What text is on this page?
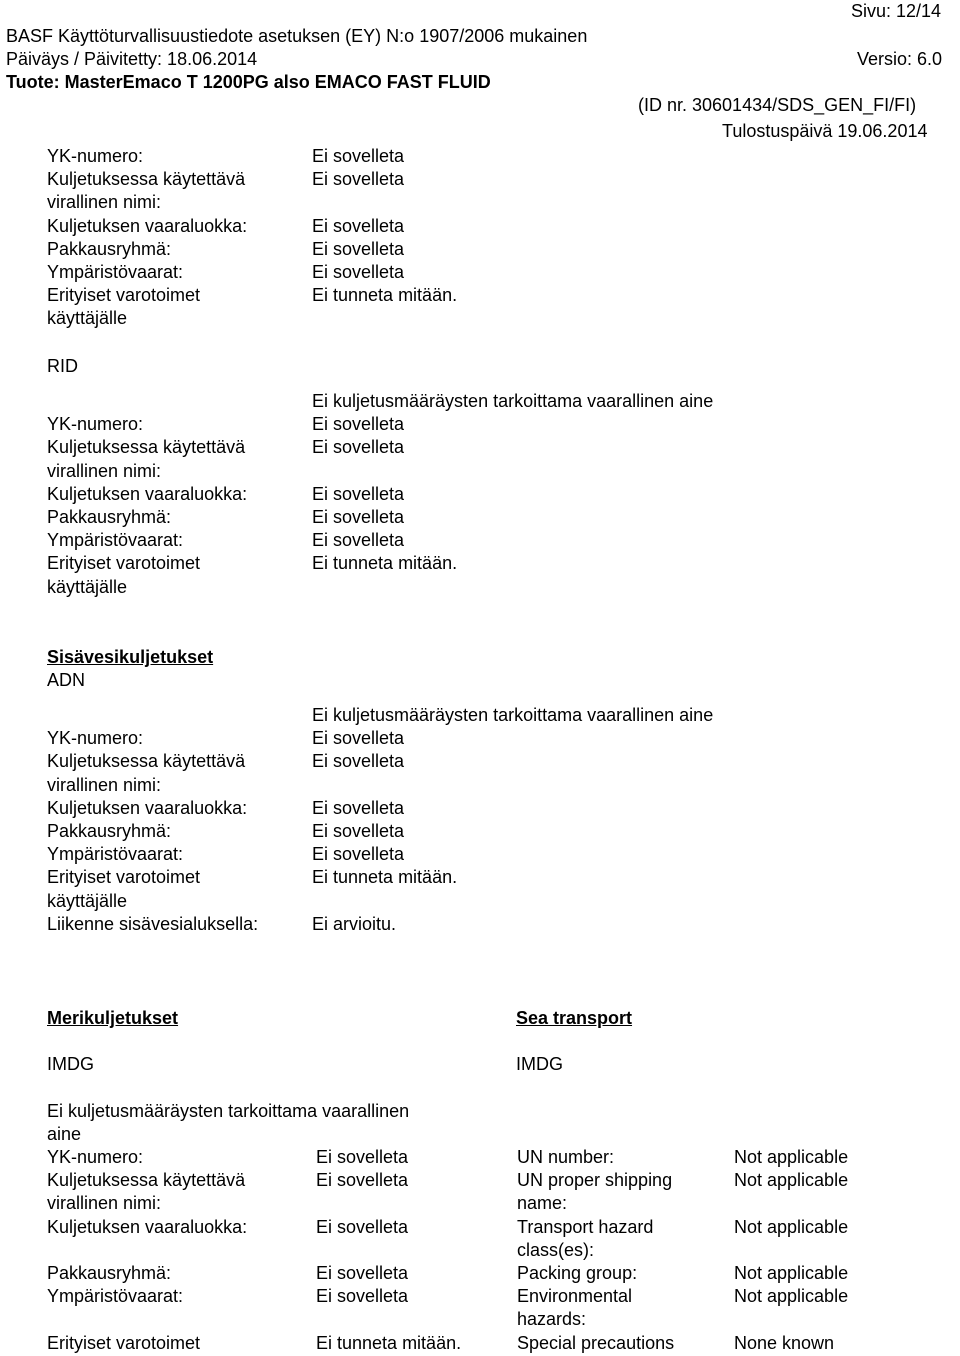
Sivu: 12/14
BASF Käyttöturvallisuustiedote asetuksen (EY) N:o 1907/2006 mukainen
Päiväys / Päivitetty: 18.06.2014	Versio: 6.0
Tuote: MasterEmaco T 1200PG also EMACO FAST FLUID
(ID nr. 30601434/SDS_GEN_FI/FI)
Tulostuspäivä 19.06.2014
YK-numero:	Ei sovelleta
Kuljetuksessa käytettävä	Ei sovelleta
virallinen nimi:
Kuljetuksen vaaraluokka:	Ei sovelleta
Pakkausryhmä:	Ei sovelleta
Ympäristövaarat:	Ei sovelleta
Erityiset varotoimet	Ei tunneta mitään.
käyttäjälle
RID
Ei kuljetusmääräysten tarkoittama vaarallinen aine
YK-numero:	Ei sovelleta
Kuljetuksessa käytettävä	Ei sovelleta
virallinen nimi:
Kuljetuksen vaaraluokka:	Ei sovelleta
Pakkausryhmä:	Ei sovelleta
Ympäristövaarat:	Ei sovelleta
Erityiset varotoimet	Ei tunneta mitään.
käyttäjälle
Sisävesikuljetukset
ADN
Ei kuljetusmääräysten tarkoittama vaarallinen aine
YK-numero:	Ei sovelleta
Kuljetuksessa käytettävä	Ei sovelleta
virallinen nimi:
Kuljetuksen vaaraluokka:	Ei sovelleta
Pakkausryhmä:	Ei sovelleta
Ympäristövaarat:	Ei sovelleta
Erityiset varotoimet	Ei tunneta mitään.
käyttäjälle
Liikenne sisävesialuksella:	Ei arvioitu.
Merikuljetukset	Sea transport
IMDG	IMDG
Ei kuljetusmääräysten tarkoittama vaarallinen
aine
YK-numero:	Ei sovelleta	UN number:	Not applicable
Kuljetuksessa käytettävä	Ei sovelleta	UN proper shipping	Not applicable
virallinen nimi:	name:
Kuljetuksen vaaraluokka:	Ei sovelleta	Transport hazard	Not applicable
class(es):
Pakkausryhmä:	Ei sovelleta	Packing group:	Not applicable
Ympäristövaarat:	Ei sovelleta	Environmental	Not applicable
hazards:
Erityiset varotoimet	Ei tunneta mitään.	Special precautions	None known
